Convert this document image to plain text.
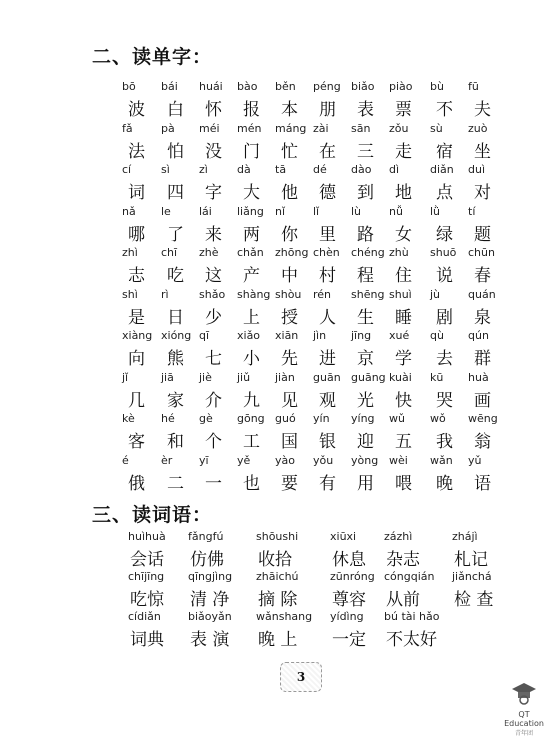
二、读单字：
bō
波
bái
白
huái
怀
bào
报
běn
本
péng
朋
biǎo
表
piào
票
bù
不
fū
夫
fǎ
法
pà
怕
méi
没
mén
门
máng
忙
zài
在
sān
三
zǒu
走
sù
宿
zuò
坐
cí
词
sì
四
zì
字
dà
大
tā
他
dé
德
dào
到
dì
地
diǎn
点
duì
对
nǎ
哪
le
了
lái
来
liǎng
两
nǐ
你
lǐ
里
lù
路
nǚ
女
lǜ
绿
tí
题
zhì
志
chī
吃
zhè
这
chǎn
产
zhōng
中
chèn
村
chéng
程
zhù
住
shuō
说
chūn
春
shì
是
rì
日
shǎo
少
shàng
上
shòu
授
rén
人
shēng
生
shuì
睡
jù
剧
quán
泉
xiàng
向
xióng
熊
qī
七
xiǎo
小
xiān
先
jìn
进
jīng
京
xué
学
qù
去
qún
群
jǐ
几
jiā
家
jiè
介
jiǔ
九
jiàn
见
guān
观
guāng
光
kuài
快
kū
哭
huà
画
kè
客
hé
和
gè
个
gōng
工
guó
国
yín
银
yíng
迎
wǔ
五
wǒ
我
wēng
翁
é
俄
èr
二
yī
一
yě
也
yào
要
yǒu
有
yòng
用
wèi
喂
wǎn
晚
yǔ
语
三、读词语：
huìhuà
会话
fǎngfú
仿佛
shōushi
收拾
xiūxi
休息
zázhì
杂志
zhájì
札记
chījīng
吃惊
qīngjìng
清 净
zhāichú
摘 除
zūnróng
尊容
cóngqián
从前
jiǎnchá
检 查
cídiǎn
词典
biǎoyǎn
表 演
wǎnshang
晚 上
yídìng
一定
bú tài hǎo
不太好
3
QT Education
青年团
